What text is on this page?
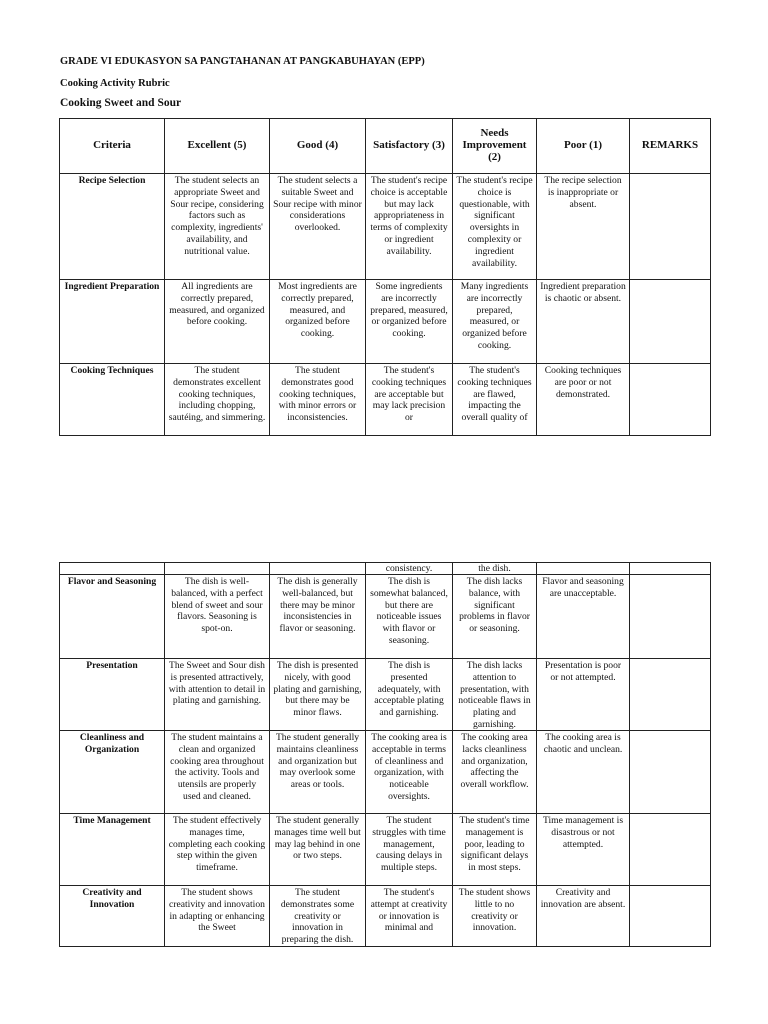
GRADE VI EDUKASYON SA PANGTAHANAN AT PANGKABUHAYAN (EPP)
Cooking Activity Rubric
Cooking Sweet and Sour
Criteria	Excellent (5)	Good (4)	Satisfactory (3)	Needs Improvement (2)	Poor (1)	REMARKS

Recipe Selection	The student selects an appropriate Sweet and Sour recipe, considering factors such as complexity, ingredients' availability, and nutritional value.	The student selects a suitable Sweet and Sour recipe with minor considerations overlooked.	The student's recipe choice is acceptable but may lack appropriateness in terms of complexity or ingredient availability.	The student's recipe choice is questionable, with significant oversights in complexity or ingredient availability.	The recipe selection is inappropriate or absent.	

Ingredient Preparation	All ingredients are correctly prepared, measured, and organized before cooking.	Most ingredients are correctly prepared, measured, and organized before cooking.	Some ingredients are incorrectly prepared, measured, or organized before cooking.	Many ingredients are incorrectly prepared, measured, or organized before cooking.	Ingredient preparation is chaotic or absent.	

Cooking Techniques	The student demonstrates excellent cooking techniques, including chopping, sautéing, and simmering.	The student demonstrates good cooking techniques, with minor errors or inconsistencies.	The student's cooking techniques are acceptable but may lack precision or	The student's cooking techniques are flawed, impacting the overall quality of	Cooking techniques are poor or not demonstrated.	

			consistency.	the dish.		

Flavor and Seasoning	The dish is well-balanced, with a perfect blend of sweet and sour flavors. Seasoning is spot-on.	The dish is generally well-balanced, but there may be minor inconsistencies in flavor or seasoning.	The dish is somewhat balanced, but there are noticeable issues with flavor or seasoning.	The dish lacks balance, with significant problems in flavor or seasoning.	Flavor and seasoning are unacceptable.	

Presentation	The Sweet and Sour dish is presented attractively, with attention to detail in plating and garnishing.	The dish is presented nicely, with good plating and garnishing, but there may be minor flaws.	The dish is presented adequately, with acceptable plating and garnishing.	The dish lacks attention to presentation, with noticeable flaws in plating and garnishing.	Presentation is poor or not attempted.	

Cleanliness and Organization	The student maintains a clean and organized cooking area throughout the activity. Tools and utensils are properly used and cleaned.	The student generally maintains cleanliness and organization but may overlook some areas or tools.	The cooking area is acceptable in terms of cleanliness and organization, with noticeable oversights.	The cooking area lacks cleanliness and organization, affecting the overall workflow.	The cooking area is chaotic and unclean.	

Time Management	The student effectively manages time, completing each cooking step within the given timeframe.	The student generally manages time well but may lag behind in one or two steps.	The student struggles with time management, causing delays in multiple steps.	The student's time management is poor, leading to significant delays in most steps.	Time management is disastrous or not attempted.	

Creativity and Innovation	The student shows creativity and innovation in adapting or enhancing the Sweet	The student demonstrates some creativity or innovation in preparing the dish.	The student's attempt at creativity or innovation is minimal and	The student shows little to no creativity or innovation.	Creativity and innovation are absent.	
